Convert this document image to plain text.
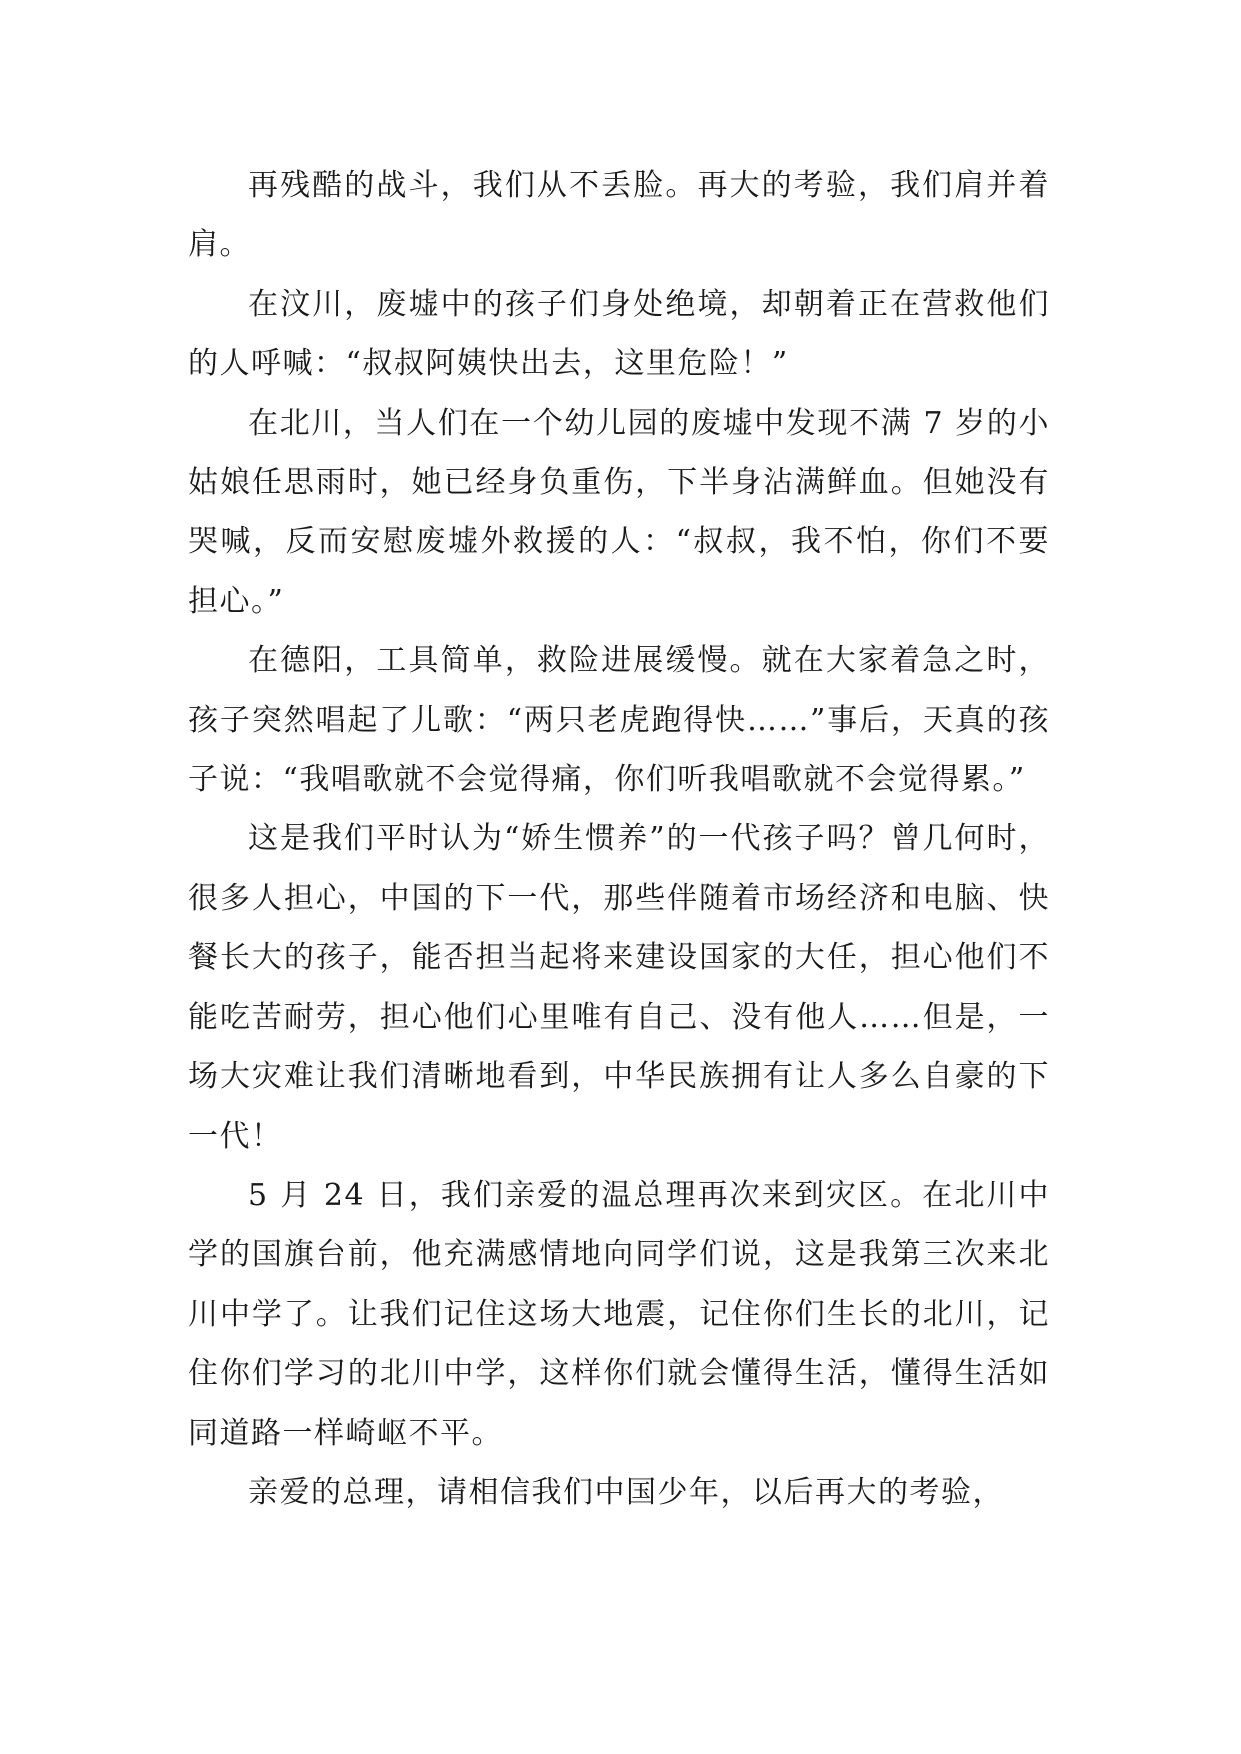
再残酷的战斗，我们从不丢脸。再大的考验，我们肩并着肩。

在汶川，废墟中的孩子们身处绝境，却朝着正在营救他们的人呼喊：“叔叔阿姨快出去，这里危险！”

在北川，当人们在一个幼儿园的废墟中发现不满 7 岁的小姑娘任思雨时，她已经身负重伤，下半身沾满鲜血。但她没有哭喊，反而安慰废墟外救援的人：“叔叔，我不怕，你们不要担心。”

在德阳，工具简单，救险进展缓慢。就在大家着急之时，孩子突然唱起了儿歌：“两只老虎跑得快……”事后，天真的孩子说：“我唱歌就不会觉得痛，你们听我唱歌就不会觉得累。”

这是我们平时认为“娇生惯养”的一代孩子吗？曾几何时，很多人担心，中国的下一代，那些伴随着市场经济和电脑、快餐长大的孩子，能否担当起将来建设国家的大任，担心他们不能吃苦耐劳，担心他们心里唯有自己、没有他人……但是，一场大灾难让我们清晰地看到，中华民族拥有让人多么自豪的下一代！

5 月 24 日，我们亲爱的温总理再次来到灾区。在北川中学的国旗台前，他充满感情地向同学们说，这是我第三次来北川中学了。让我们记住这场大地震，记住你们生长的北川，记住你们学习的北川中学，这样你们就会懂得生活，懂得生活如同道路一样崎岖不平。

亲爱的总理，请相信我们中国少年，以后再大的考验，
